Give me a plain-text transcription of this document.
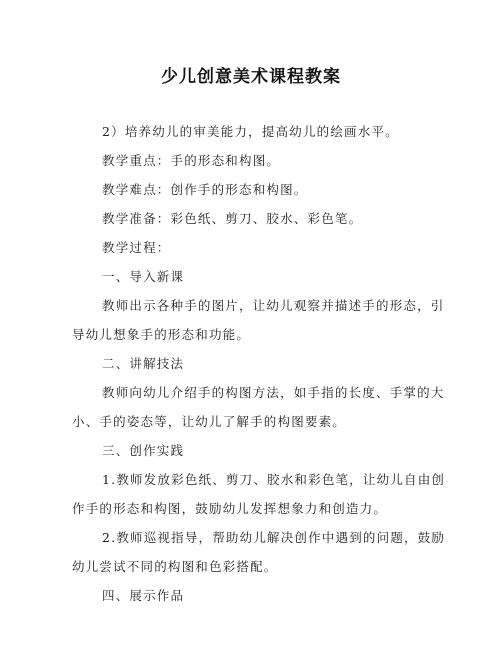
少儿创意美术课程教案
2）培养幼儿的审美能力，提高幼儿的绘画水平。
教学重点：手的形态和构图。
教学难点：创作手的形态和构图。
教学准备：彩色纸、剪刀、胶水、彩色笔。
教学过程：
一、导入新课
教师出示各种手的图片，让幼儿观察并描述手的形态，引
导幼儿想象手的形态和功能。
二、讲解技法
教师向幼儿介绍手的构图方法，如手指的长度、手掌的大
小、手的姿态等，让幼儿了解手的构图要素。
三、创作实践
1.教师发放彩色纸、剪刀、胶水和彩色笔，让幼儿自由创
作手的形态和构图，鼓励幼儿发挥想象力和创造力。
2.教师巡视指导，帮助幼儿解决创作中遇到的问题，鼓励
幼儿尝试不同的构图和色彩搭配。
四、展示作品
